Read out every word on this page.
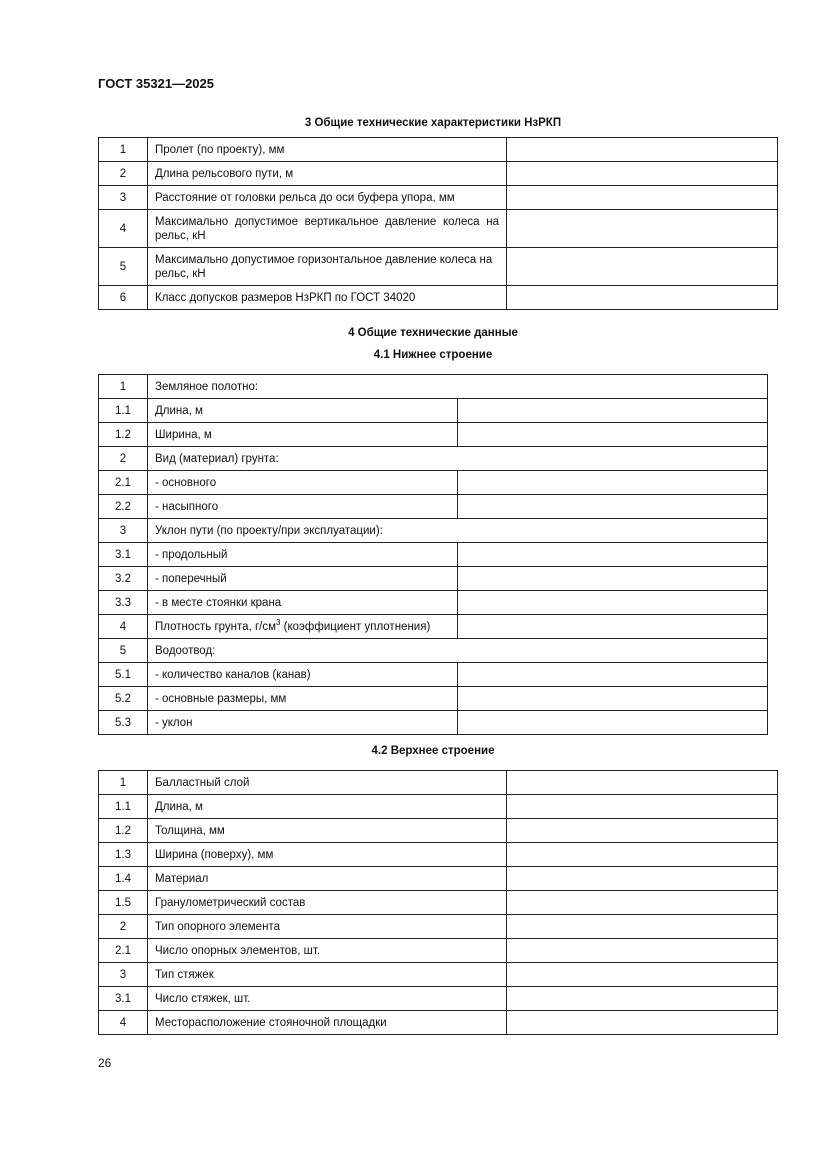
ГОСТ 35321—2025
3 Общие технические характеристики НзРКП
1	Пролет (по проекту), мм	
2	Длина рельсового пути, м	
3	Расстояние от головки рельса до оси буфера упора, мм	
4	Максимально допустимое вертикальное давление колеса на рельс, кН	
5	Максимально допустимое горизонтальное давление колеса на рельс, кН	
6	Класс допусков размеров НзРКП по ГОСТ 34020	
4 Общие технические данные
4.1 Нижнее строение
1	Земляное полотно:	
1.1	Длина, м	
1.2	Ширина, м	
2	Вид (материал) грунта:	
2.1	- основного	
2.2	- насыпного	
3	Уклон пути (по проекту/при эксплуатации):	
3.1	- продольный	
3.2	- поперечный	
3.3	- в месте стоянки крана	
4	Плотность грунта, $г/см^3$ (коэффициент уплотнения)	
5	Водоотвод:	
5.1	- количество каналов (канав)	
5.2	- основные размеры, мм	
5.3	- уклон	
4.2 Верхнее строение
1	Балластный слой	
1.1	Длина, м	
1.2	Толщина, мм	
1.3	Ширина (поверху), мм	
1.4	Материал	
1.5	Гранулометрический состав	
2	Тип опорного элемента	
2.1	Число опорных элементов, шт.	
3	Тип стяжек	
3.1	Число стяжек, шт.	
4	Месторасположение стояночной площадки	
26
